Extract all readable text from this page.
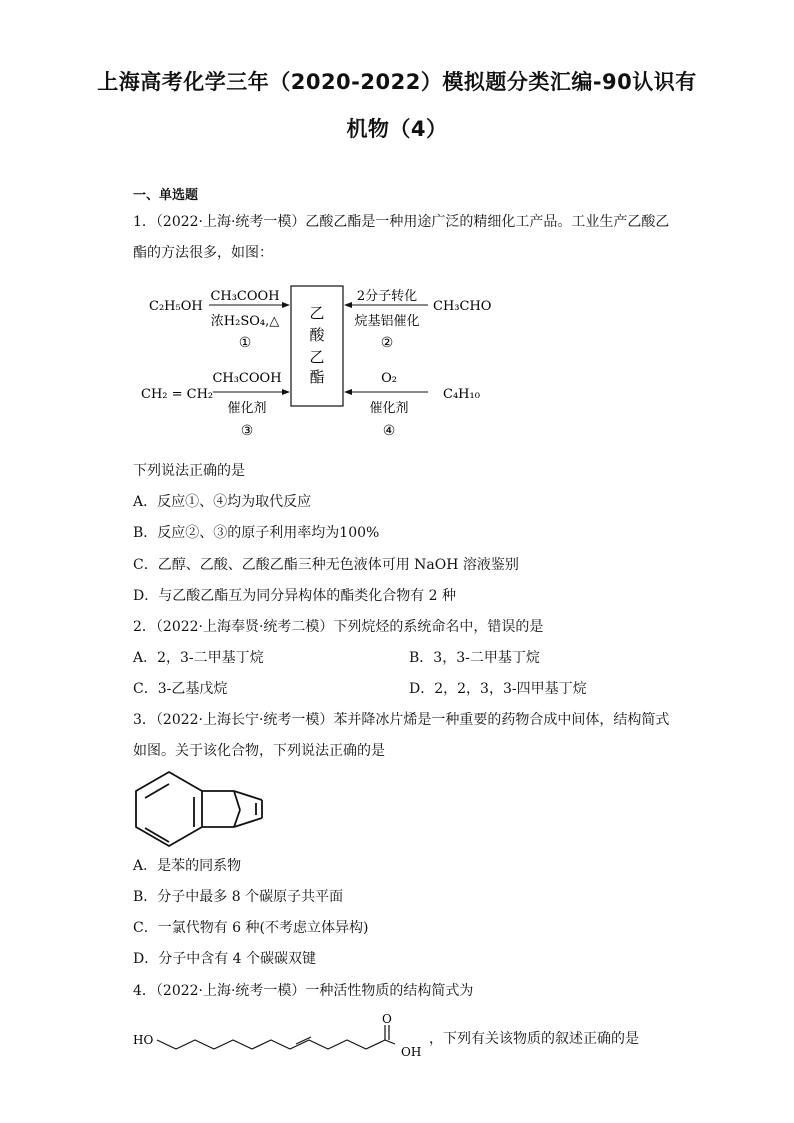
上海高考化学三年（2020-2022）模拟题分类汇编-90认识有
机物（4）
一、单选题
1．（2022·上海·统考一模）乙酸乙酯是一种用途广泛的精细化工产品。工业生产乙酸乙
酯的方法很多，如图：
乙
酸
乙
酯
C₂H₅OH
CH₃COOH
浓H₂SO₄,△
①
2分子转化
烷基铝催化
CH₃CHO
②
CH₂ = CH₂
CH₃COOH
催化剂
③
O₂
催化剂
C₄H₁₀
④
下列说法正确的是
A．反应①、④均为取代反应
B．反应②、③的原子利用率均为100%
C．乙醇、乙酸、乙酸乙酯三种无色液体可用 NaOH 溶液鉴别
D．与乙酸乙酯互为同分异构体的酯类化合物有 2 种
2．（2022·上海奉贤·统考二模）下列烷烃的系统命名中，错误的是
A．2，3-二甲基丁烷	B．3，3-二甲基丁烷
C．3-乙基戊烷	D．2，2，3，3-四甲基丁烷
3．（2022·上海长宁·统考一模）苯并降冰片烯是一种重要的药物合成中间体，结构简式
如图。关于该化合物，下列说法正确的是
A．是苯的同系物
B．分子中最多 8 个碳原子共平面
C．一氯代物有 6 种(不考虑立体异构)
D．分子中含有 4 个碳碳双键
4．（2022·上海·统考一模）一种活性物质的结构简式为
HO
O
OH
，下列有关该物质的叙述正确的是
